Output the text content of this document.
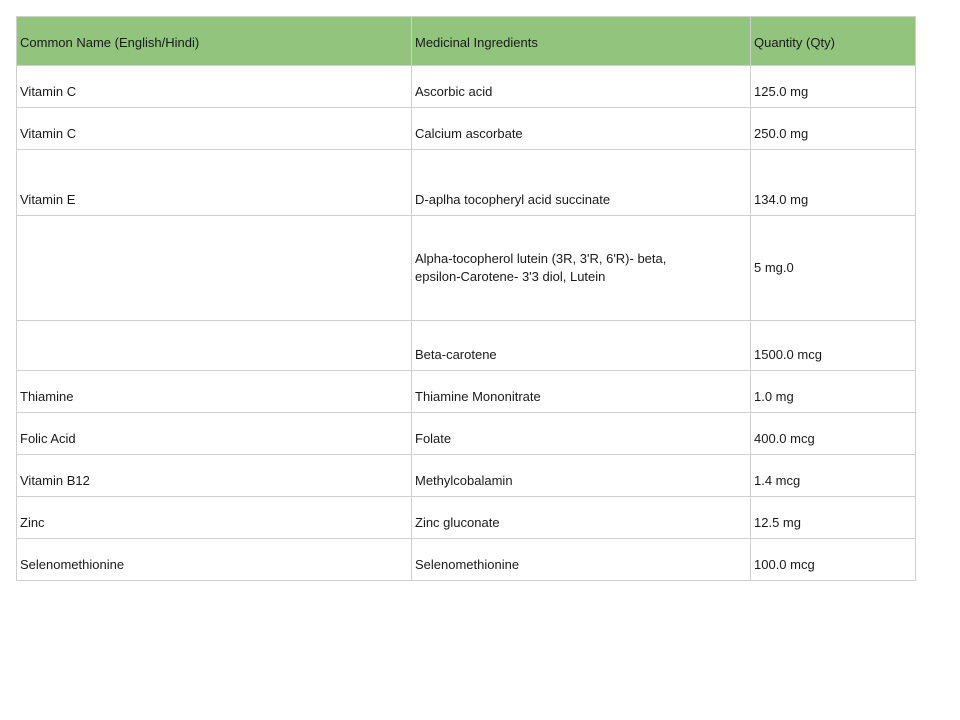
Common Name (English/Hindi)	Medicinal Ingredients	Quantity (Qty)
Vitamin C	Ascorbic acid	125.0 mg
Vitamin C	Calcium ascorbate	250.0 mg
Vitamin E	D-aplha tocopheryl acid succinate	134.0 mg
	Alpha-tocopherol lutein (3R, 3'R, 6'R)- beta, epsilon-Carotene- 3'3 diol, Lutein	5 mg.0
	Beta-carotene	1500.0 mcg
Thiamine	Thiamine Mononitrate	1.0 mg
Folic Acid	Folate	400.0 mcg
Vitamin B12	Methylcobalamin	1.4 mcg
Zinc	Zinc gluconate	12.5 mg
Selenomethionine	Selenomethionine	100.0 mcg
